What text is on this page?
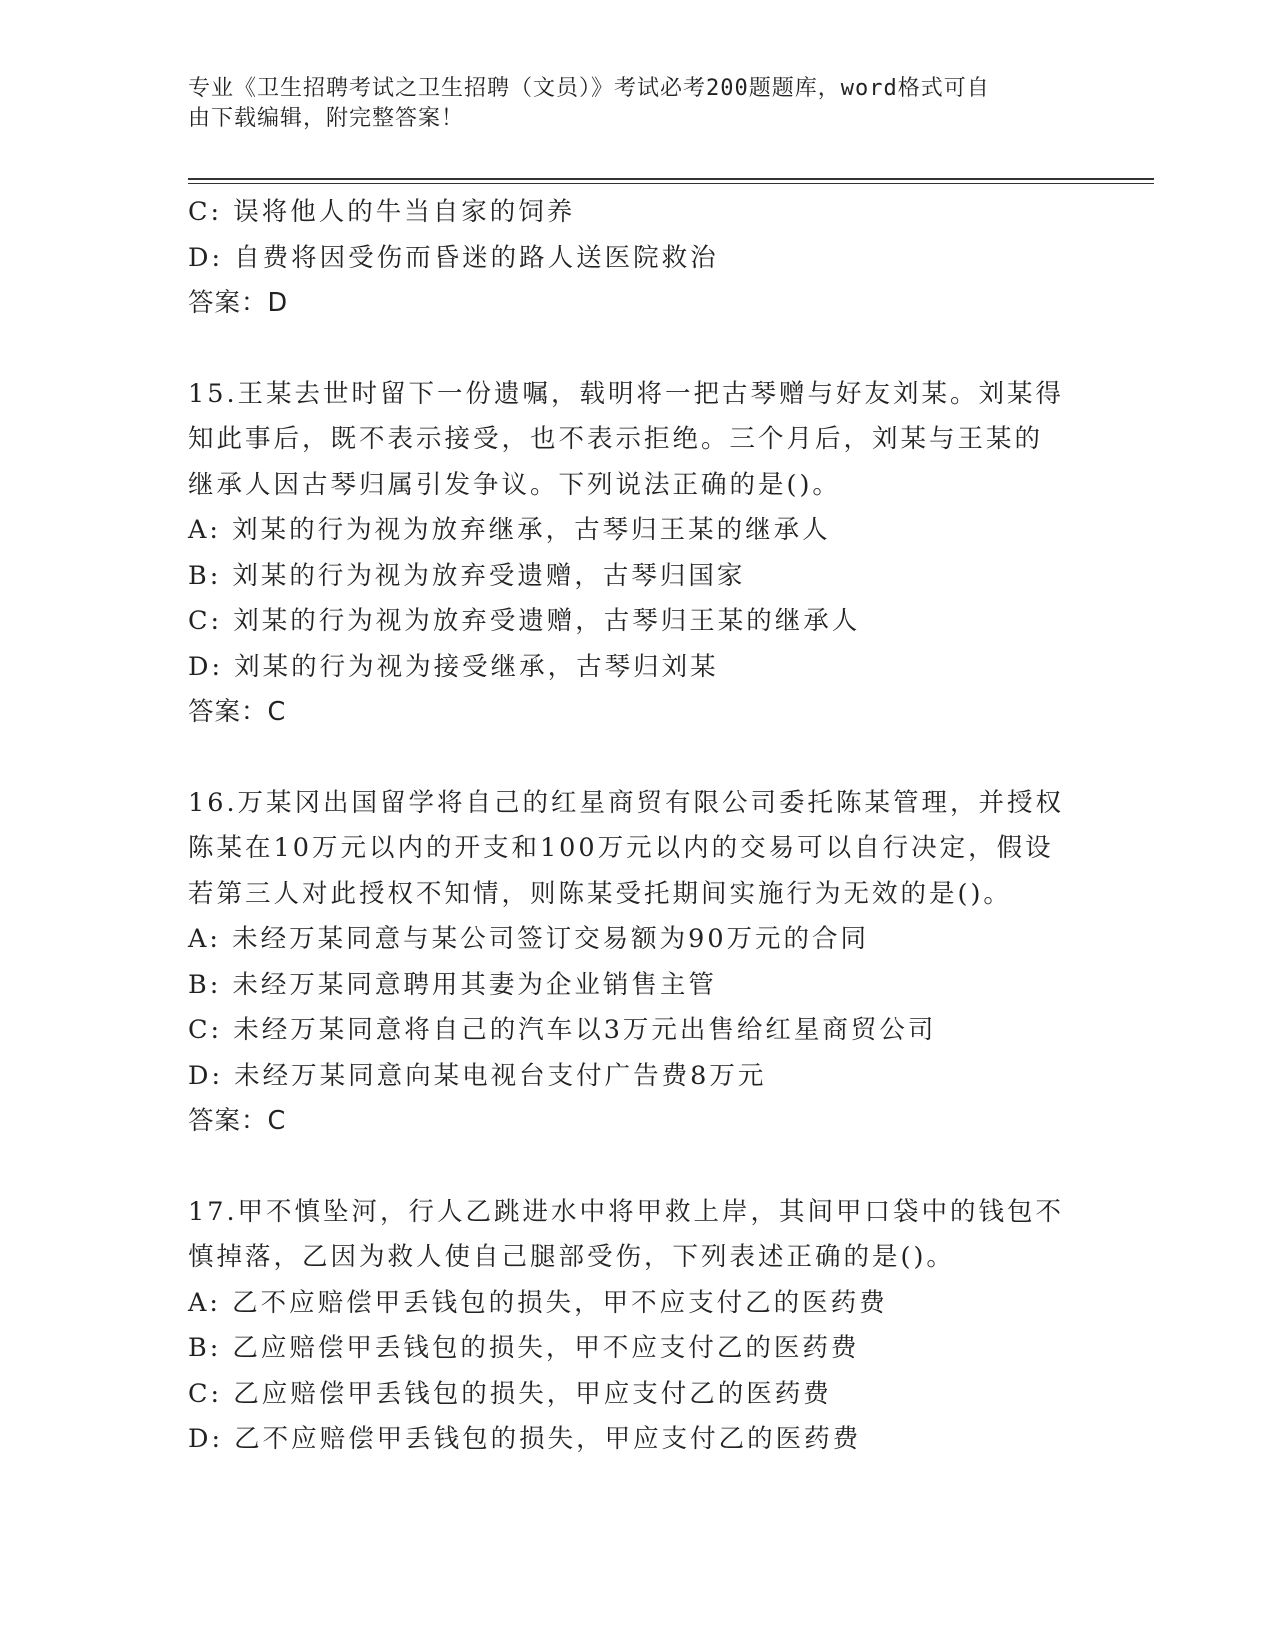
专业《卫生招聘考试之卫生招聘（文员）》考试必考200题题库，word格式可自
由下载编辑，附完整答案！
C: 误将他人的牛当自家的饲养
D: 自费将因受伤而昏迷的路人送医院救治
答案：D
15.王某去世时留下一份遗嘱，载明将一把古琴赠与好友刘某。刘某得
知此事后，既不表示接受，也不表示拒绝。三个月后，刘某与王某的
继承人因古琴归属引发争议。下列说法正确的是()。
A: 刘某的行为视为放弃继承，古琴归王某的继承人
B: 刘某的行为视为放弃受遗赠，古琴归国家
C: 刘某的行为视为放弃受遗赠，古琴归王某的继承人
D: 刘某的行为视为接受继承，古琴归刘某
答案：C
16.万某冈出国留学将自己的红星商贸有限公司委托陈某管理，并授权
陈某在10万元以内的开支和100万元以内的交易可以自行决定，假设
若第三人对此授权不知情，则陈某受托期间实施行为无效的是()。
A: 未经万某同意与某公司签订交易额为90万元的合同
B: 未经万某同意聘用其妻为企业销售主管
C: 未经万某同意将自己的汽车以3万元出售给红星商贸公司
D: 未经万某同意向某电视台支付广告费8万元
答案：C
17.甲不慎坠河，行人乙跳进水中将甲救上岸，其间甲口袋中的钱包不
慎掉落，乙因为救人使自己腿部受伤，下列表述正确的是()。
A: 乙不应赔偿甲丢钱包的损失，甲不应支付乙的医药费
B: 乙应赔偿甲丢钱包的损失，甲不应支付乙的医药费
C: 乙应赔偿甲丢钱包的损失，甲应支付乙的医药费
D: 乙不应赔偿甲丢钱包的损失，甲应支付乙的医药费
